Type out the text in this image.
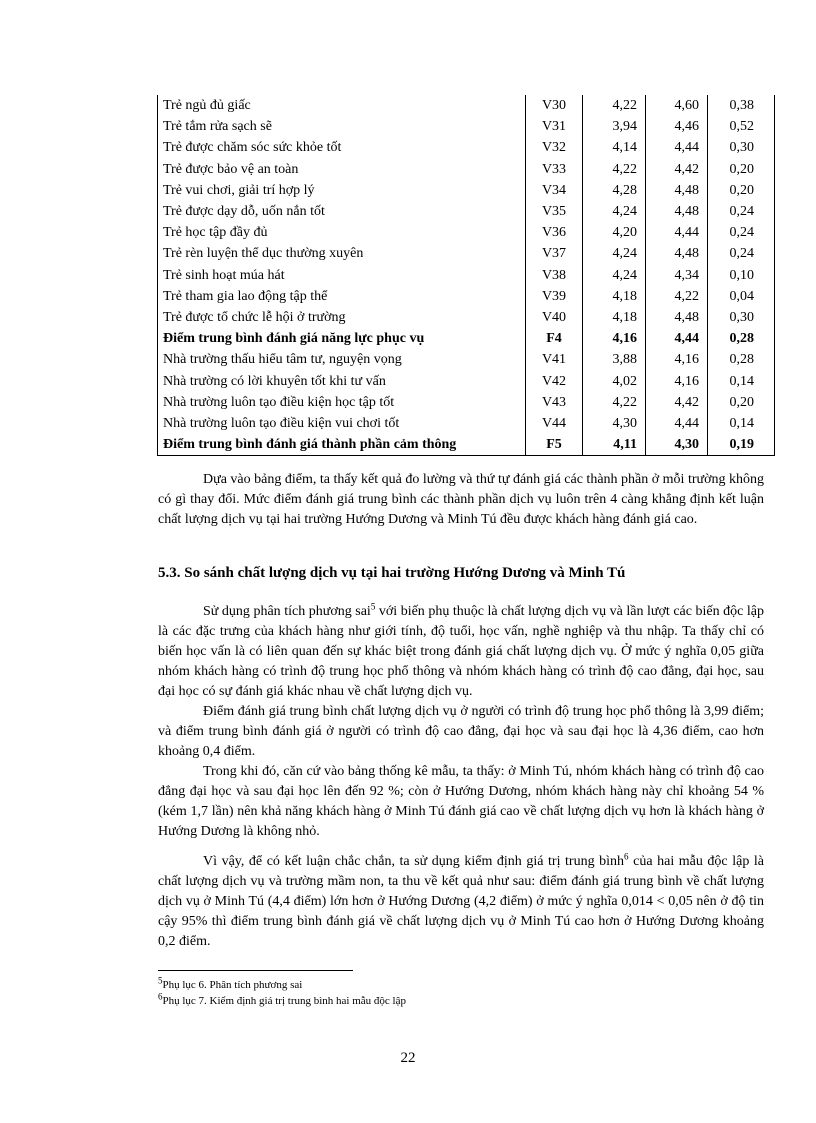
Trẻ ngủ đủ giấc	V30	4,22	4,60	0,38
Trẻ tắm rửa sạch sẽ	V31	3,94	4,46	0,52
Trẻ được chăm sóc sức khỏe tốt	V32	4,14	4,44	0,30
Trẻ được bảo vệ an toàn	V33	4,22	4,42	0,20
Trẻ vui chơi, giải trí hợp lý	V34	4,28	4,48	0,20
Trẻ được dạy dỗ, uốn nắn tốt	V35	4,24	4,48	0,24
Trẻ học tập đầy đủ	V36	4,20	4,44	0,24
Trẻ rèn luyện thể dục thường xuyên	V37	4,24	4,48	0,24
Trẻ sinh hoạt múa hát	V38	4,24	4,34	0,10
Trẻ tham gia lao động tập thể	V39	4,18	4,22	0,04
Trẻ được tổ chức lễ hội ở trường	V40	4,18	4,48	0,30
Điểm trung bình đánh giá năng lực phục vụ	F4	4,16	4,44	0,28
Nhà trường thấu hiểu tâm tư, nguyện vọng	V41	3,88	4,16	0,28
Nhà trường có lời khuyên tốt khi tư vấn	V42	4,02	4,16	0,14
Nhà trường luôn tạo điều kiện học tập tốt	V43	4,22	4,42	0,20
Nhà trường luôn tạo điều kiện vui chơi tốt	V44	4,30	4,44	0,14
Điểm trung bình đánh giá thành phần cảm thông	F5	4,11	4,30	0,19

Dựa vào bảng điểm, ta thấy kết quả đo lường và thứ tự đánh giá các thành phần ở mỗi trường không có gì thay đổi. Mức điểm đánh giá trung bình các thành phần dịch vụ luôn trên 4 càng khẳng định kết luận chất lượng dịch vụ tại hai trường Hướng Dương và Minh Tú đều được khách hàng đánh giá cao.

5.3. So sánh chất lượng dịch vụ tại hai trường Hướng Dương và Minh Tú

Sử dụng phân tích phương sai$^5$ với biến phụ thuộc là chất lượng dịch vụ và lần lượt các biến độc lập là các đặc trưng của khách hàng như giới tính, độ tuổi, học vấn, nghề nghiệp và thu nhập. Ta thấy chỉ có biến học vấn là có liên quan đến sự khác biệt trong đánh giá chất lượng dịch vụ. Ở mức ý nghĩa 0,05 giữa nhóm khách hàng có trình độ trung học phổ thông và nhóm khách hàng có trình độ cao đẳng, đại học, sau đại học có sự đánh giá khác nhau về chất lượng dịch vụ.

Điểm đánh giá trung bình chất lượng dịch vụ ở người có trình độ trung học phổ thông là 3,99 điểm; và điểm trung bình đánh giá ở người có trình độ cao đẳng, đại học và sau đại học là 4,36 điểm, cao hơn khoảng 0,4 điểm.

Trong khi đó, căn cứ vào bảng thống kê mẫu, ta thấy: ở Minh Tú, nhóm khách hàng có trình độ cao đẳng đại học và sau đại học lên đến 92 %; còn ở Hướng Dương, nhóm khách hàng này chỉ khoảng 54 % (kém 1,7 lần) nên khả năng khách hàng ở Minh Tú đánh giá cao về chất lượng dịch vụ hơn là khách hàng ở Hướng Dương là không nhỏ.

Vì vậy, để có kết luận chắc chắn, ta sử dụng kiểm định giá trị trung bình$^6$ của hai mẫu độc lập là chất lượng dịch vụ và trường mầm non, ta thu về kết quả như sau: điểm đánh giá trung bình về chất lượng dịch vụ ở Minh Tú (4,4 điểm) lớn hơn ở Hướng Dương (4,2 điểm) ở mức ý nghĩa 0,014 < 0,05 nên ở độ tin cậy 95% thì điểm trung bình đánh giá về chất lượng dịch vụ ở Minh Tú cao hơn ở Hướng Dương khoảng 0,2 điểm.

$^5$Phụ lục 6. Phân tích phương sai
$^6$Phụ lục 7. Kiểm định giá trị trung bình hai mẫu độc lập
22
